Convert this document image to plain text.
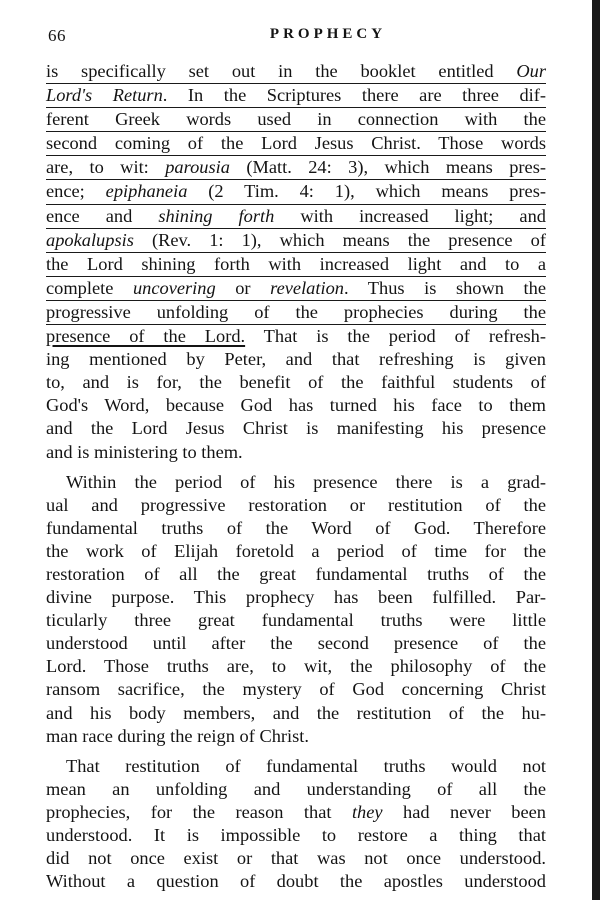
66	PROPHECY
is specifically set out in the booklet entitled Our
Lord's Return. In the Scriptures there are three dif-
ferent Greek words used in connection with the
second coming of the Lord Jesus Christ. Those words
are, to wit: parousia (Matt. 24: 3), which means pres-
ence; epiphaneia (2 Tim. 4: 1), which means pres-
ence and shining forth with increased light; and
apokalupsis (Rev. 1: 1), which means the presence of
the Lord shining forth with increased light and to a
complete uncovering or revelation. Thus is shown the
progressive unfolding of the prophecies during the
presence of the Lord. That is the period of refresh-
ing mentioned by Peter, and that refreshing is given
to, and is for, the benefit of the faithful students of
God's Word, because God has turned his face to them
and the Lord Jesus Christ is manifesting his presence
and is ministering to them.
Within the period of his presence there is a grad-
ual and progressive restoration or restitution of the
fundamental truths of the Word of God. Therefore
the work of Elijah foretold a period of time for the
restoration of all the great fundamental truths of the
divine purpose. This prophecy has been fulfilled. Par-
ticularly three great fundamental truths were little
understood until after the second presence of the
Lord. Those truths are, to wit, the philosophy of the
ransom sacrifice, the mystery of God concerning Christ
and his body members, and the restitution of the hu-
man race during the reign of Christ.
That restitution of fundamental truths would not
mean an unfolding and understanding of all the
prophecies, for the reason that they had never been
understood. It is impossible to restore a thing that
did not once exist or that was not once understood.
Without a question of doubt the apostles understood
